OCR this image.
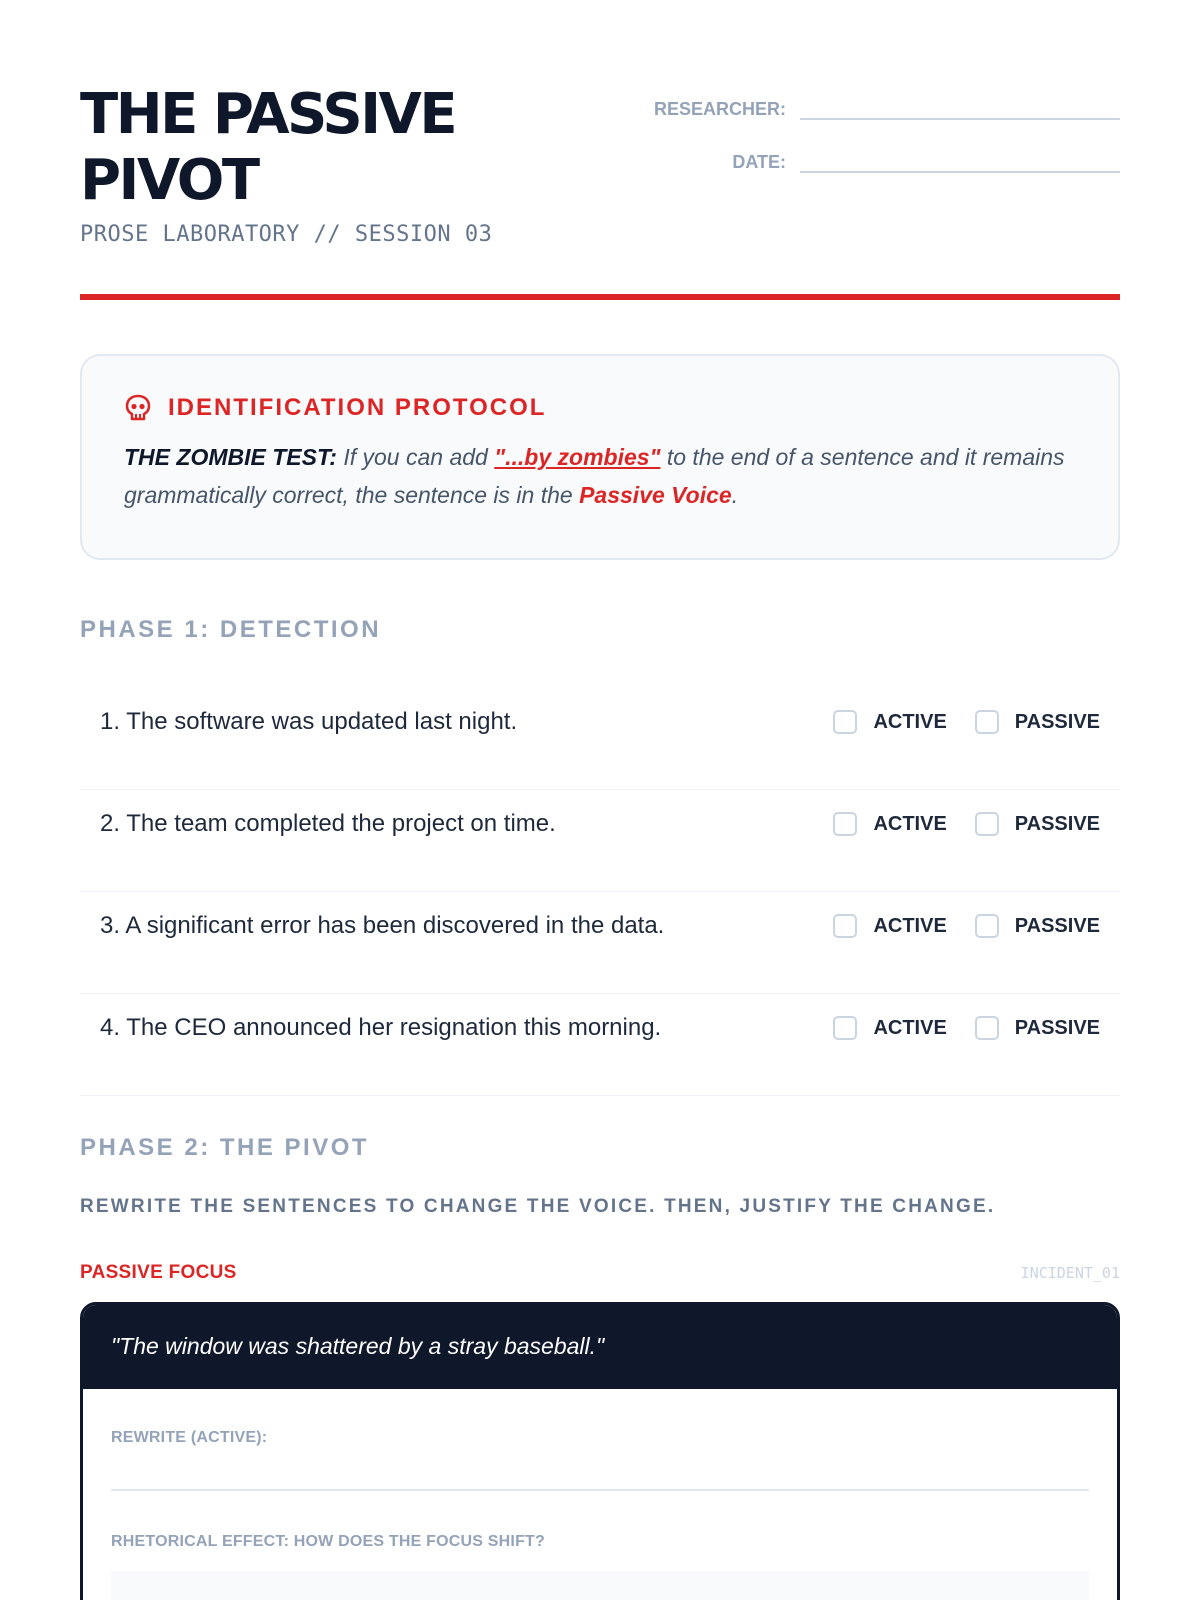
THE PASSIVE PIVOT
PROSE LABORATORY // SESSION 03
RESEARCHER:
DATE:
IDENTIFICATION PROTOCOL

THE ZOMBIE TEST: If you can add "...by zombies" to the end of a sentence and it remains grammatically correct, the sentence is in the Passive Voice.

PHASE 1: DETECTION
1. The software was updated last night.	ACTIVE	PASSIVE
2. The team completed the project on time.	ACTIVE	PASSIVE
3. A significant error has been discovered in the data.	ACTIVE	PASSIVE
4. The CEO announced her resignation this morning.	ACTIVE	PASSIVE
PHASE 2: THE PIVOT

REWRITE THE SENTENCES TO CHANGE THE VOICE. THEN, JUSTIFY THE CHANGE.

PASSIVE FOCUS	INCIDENT_01
"The window was shattered by a stray baseball."
REWRITE (ACTIVE):
RHETORICAL EFFECT: HOW DOES THE FOCUS SHIFT?
